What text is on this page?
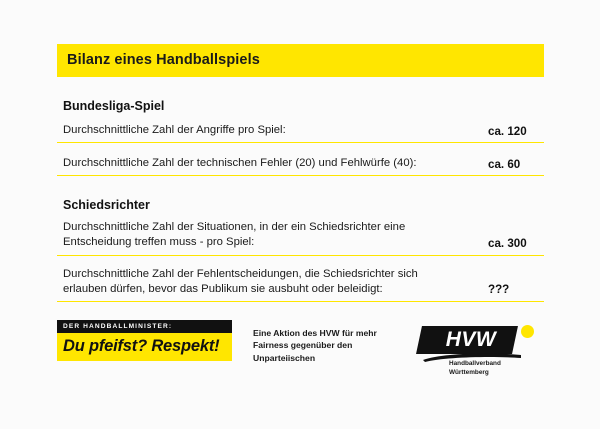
Bilanz eines Handballspiels
Bundesliga-Spiel
Durchschnittliche Zahl der Angriffe pro Spiel:	ca. 120
Durchschnittliche Zahl der technischen Fehler (20) und Fehlwürfe (40):	ca. 60
Schiedsrichter
Durchschnittliche Zahl der Situationen, in der ein Schiedsrichter eine Entscheidung treffen muss - pro Spiel:	ca. 300
Durchschnittliche Zahl der Fehlentscheidungen, die Schiedsrichter sich erlauben dürfen, bevor das Publikum sie ausbuht oder beleidigt:	???
DER HANDBALLMINISTER:
Du pfeifst? Respekt!
Eine Aktion des HVW für mehr Fairness gegenüber den Unparteiischen
HVW
Handballverband
Württemberg
